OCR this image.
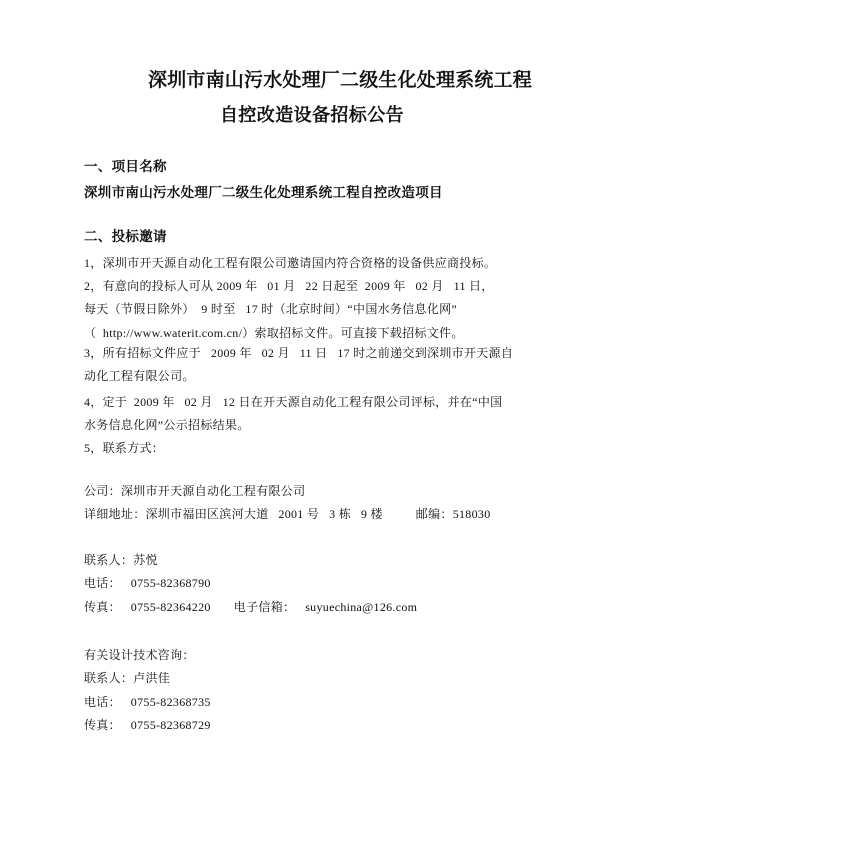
深圳市南山污水处理厂二级生化处理系统工程
自控改造设备招标公告
一、项目名称
深圳市南山污水处理厂二级生化处理系统工程自控改造项目
二、投标邀请
1，深圳市开天源自动化工程有限公司邀请国内符合资格的设备供应商投标。
2，有意向的投标人可从 2009 年   01 月   22 日起至  2009 年   02 月   11 日，
每天（节假日除外）  9 时至   17 时（北京时间）“中国水务信息化网”
（  http://www.waterit.com.cn/）索取招标文件。可直接下载招标文件。
3，所有招标文件应于   2009 年   02 月   11 日   17 时之前递交到深圳市开天源自
动化工程有限公司。
4，定于  2009 年   02 月   12 日在开天源自动化工程有限公司评标，并在“中国
水务信息化网”公示招标结果。
5，联系方式：
公司：深圳市开天源自动化工程有限公司
详细地址：深圳市福田区滨河大道   2001 号   3 栋   9 楼          邮编：518030
联系人：苏悦
电话：   0755-82368790
传真：   0755-82364220       电子信箱：   suyuechina@126.com
有关设计技术咨询：
联系人：卢洪佳
电话：   0755-82368735
传真：   0755-82368729
